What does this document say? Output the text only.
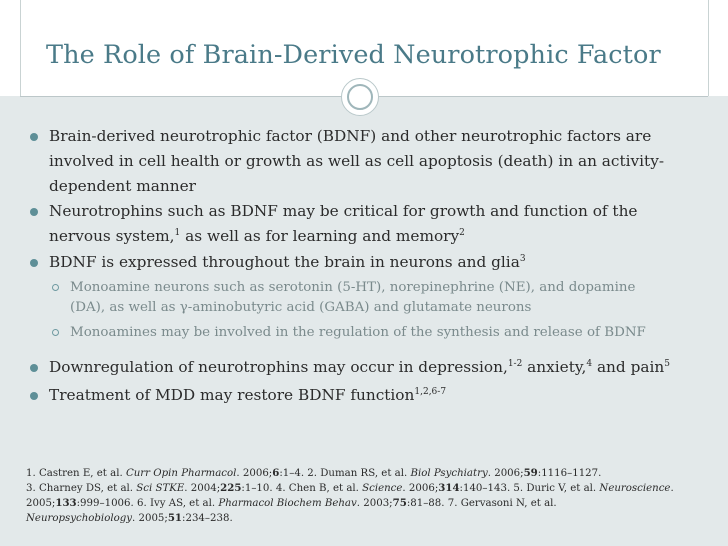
The Role of Brain-Derived Neurotrophic Factor
Brain-derived neurotrophic factor (BDNF) and other neurotrophic factors are
involved in cell health or growth as well as cell apoptosis (death) in an activity-
dependent manner
Neurotrophins such as BDNF may be critical for growth and function of the
nervous system,$^1$ as well as for learning and memory$^2$
BDNF is expressed throughout the brain in neurons and glia$^3$
Monoamine neurons such as serotonin (5-HT), norepinephrine (NE), and dopamine
(DA), as well as γ-aminobutyric acid (GABA) and glutamate neurons
Monoamines may be involved in the regulation of the synthesis and release of BDNF
Downregulation of neurotrophins may occur in depression,$^{1-2}$ anxiety,$^4$ and pain$^5$
Treatment of MDD may restore BDNF function$^{1,2,6-7}$
1. Castren E, et al. Curr Opin Pharmacol. 2006;6:1–4. 2. Duman RS, et al. Biol Psychiatry. 2006;59:1116–1127.
3. Charney DS, et al. Sci STKE. 2004;225:1–10. 4. Chen B, et al. Science. 2006;314:140–143. 5. Duric V, et al. Neuroscience.
2005;133:999–1006. 6. Ivy AS, et al. Pharmacol Biochem Behav. 2003;75:81–88. 7. Gervasoni N, et al.
Neuropsychobiology. 2005;51:234–238.
